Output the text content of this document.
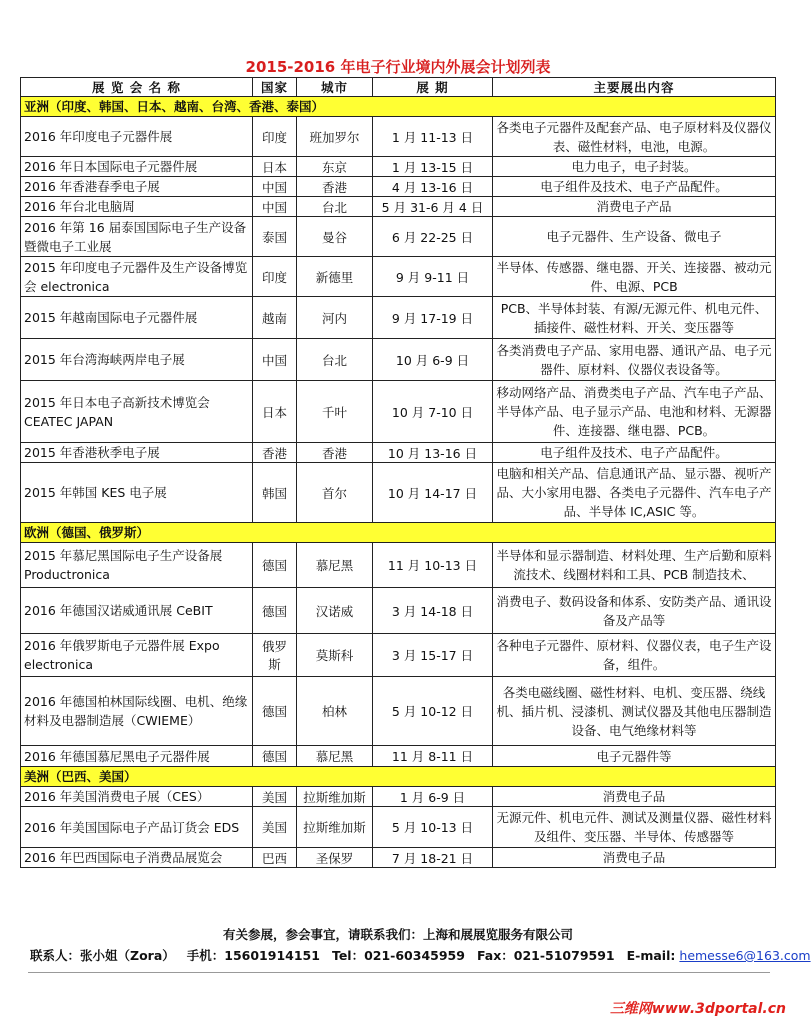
2015-2016 年电子行业境内外展会计划列表
展 览 会 名 称	国家	城市	展 期	主要展出内容
亚洲（印度、韩国、日本、越南、台湾、香港、泰国）				
2016 年印度电子元器件展	印度	班加罗尔	1 月 11-13 日	各类电子元器件及配套产品、电子原材料及仪器仪表、磁性材料，电池，电源。
2016 年日本国际电子元器件展	日本	东京	1 月 13-15 日	电力电子，电子封装。
2016 年香港春季电子展	中国	香港	4 月 13-16 日	电子组件及技术、电子产品配件。
2016 年台北电脑周	中国	台北	5 月 31-6 月 4 日	消费电子产品
2016 年第 16 届泰国国际电子生产设备暨微电子工业展	泰国	曼谷	6 月 22-25 日	电子元器件、生产设备、微电子
2015 年印度电子元器件及生产设备博览会 electronica	印度	新德里	9 月 9-11 日	半导体、传感器、继电器、开关、连接器、被动元件、电源、PCB
2015 年越南国际电子元器件展	越南	河内	9 月 17-19 日	PCB、半导体封装、有源/无源元件、机电元件、插接件、磁性材料、开关、变压器等
2015 年台湾海峡两岸电子展	中国	台北	10 月 6-9 日	各类消费电子产品、家用电器、通讯产品、电子元器件、原材料、仪器仪表设备等。
2015 年日本电子高新技术博览会 CEATEC JAPAN	日本	千叶	10 月 7-10 日	移动网络产品、消费类电子产品、汽车电子产品、半导体产品、电子显示产品、电池和材料、无源器件、连接器、继电器、PCB。
2015 年香港秋季电子展	香港	香港	10 月 13-16 日	电子组件及技术、电子产品配件。
2015 年韩国 KES 电子展	韩国	首尔	10 月 14-17 日	电脑和相关产品、信息通讯产品、显示器、视听产品、大小家用电器、各类电子元器件、汽车电子产品、半导体 IC,ASIC 等。
欧洲（德国、俄罗斯）				
2015 年慕尼黑国际电子生产设备展 Productronica	德国	慕尼黑	11 月 10-13 日	半导体和显示器制造、材料处理、生产后勤和原料流技术、线圈材料和工具、PCB 制造技术、
2016 年德国汉诺威通讯展 CeBIT	德国	汉诺威	3 月 14-18 日	消费电子、数码设备和体系、安防类产品、通讯设备及产品等
2016 年俄罗斯电子元器件展 Expo electronica	俄罗斯	莫斯科	3 月 15-17 日	各种电子元器件、原材料、仪器仪表，电子生产设备，组件。
2016 年德国柏林国际线圈、电机、绝缘材料及电器制造展（CWIEME）	德国	柏林	5 月 10-12 日	各类电磁线圈、磁性材料、电机、变压器、绕线机、插片机、浸漆机、测试仪器及其他电压器制造设备、电气绝缘材料等
2016 年德国慕尼黑电子元器件展	德国	慕尼黑	11 月 8-11 日	电子元器件等
美洲（巴西、美国）				
2016 年美国消费电子展（CES）	美国	拉斯维加斯	1 月 6-9 日	消费电子品
2016 年美国国际电子产品订货会 EDS	美国	拉斯维加斯	5 月 10-13 日	无源元件、机电元件、测试及测量仪器、磁性材料及组件、变压器、半导体、传感器等
2016 年巴西国际电子消费品展览会	巴西	圣保罗	7 月 18-21 日	消费电子品
有关参展，参会事宜，请联系我们：上海和展展览服务有限公司
联系人：张小姐（Zora） 手机：15601914151 Tel：021-60345959 Fax：021-51079591 E-mail: hemesse6@163.com
三维网www.3dportal.cn
